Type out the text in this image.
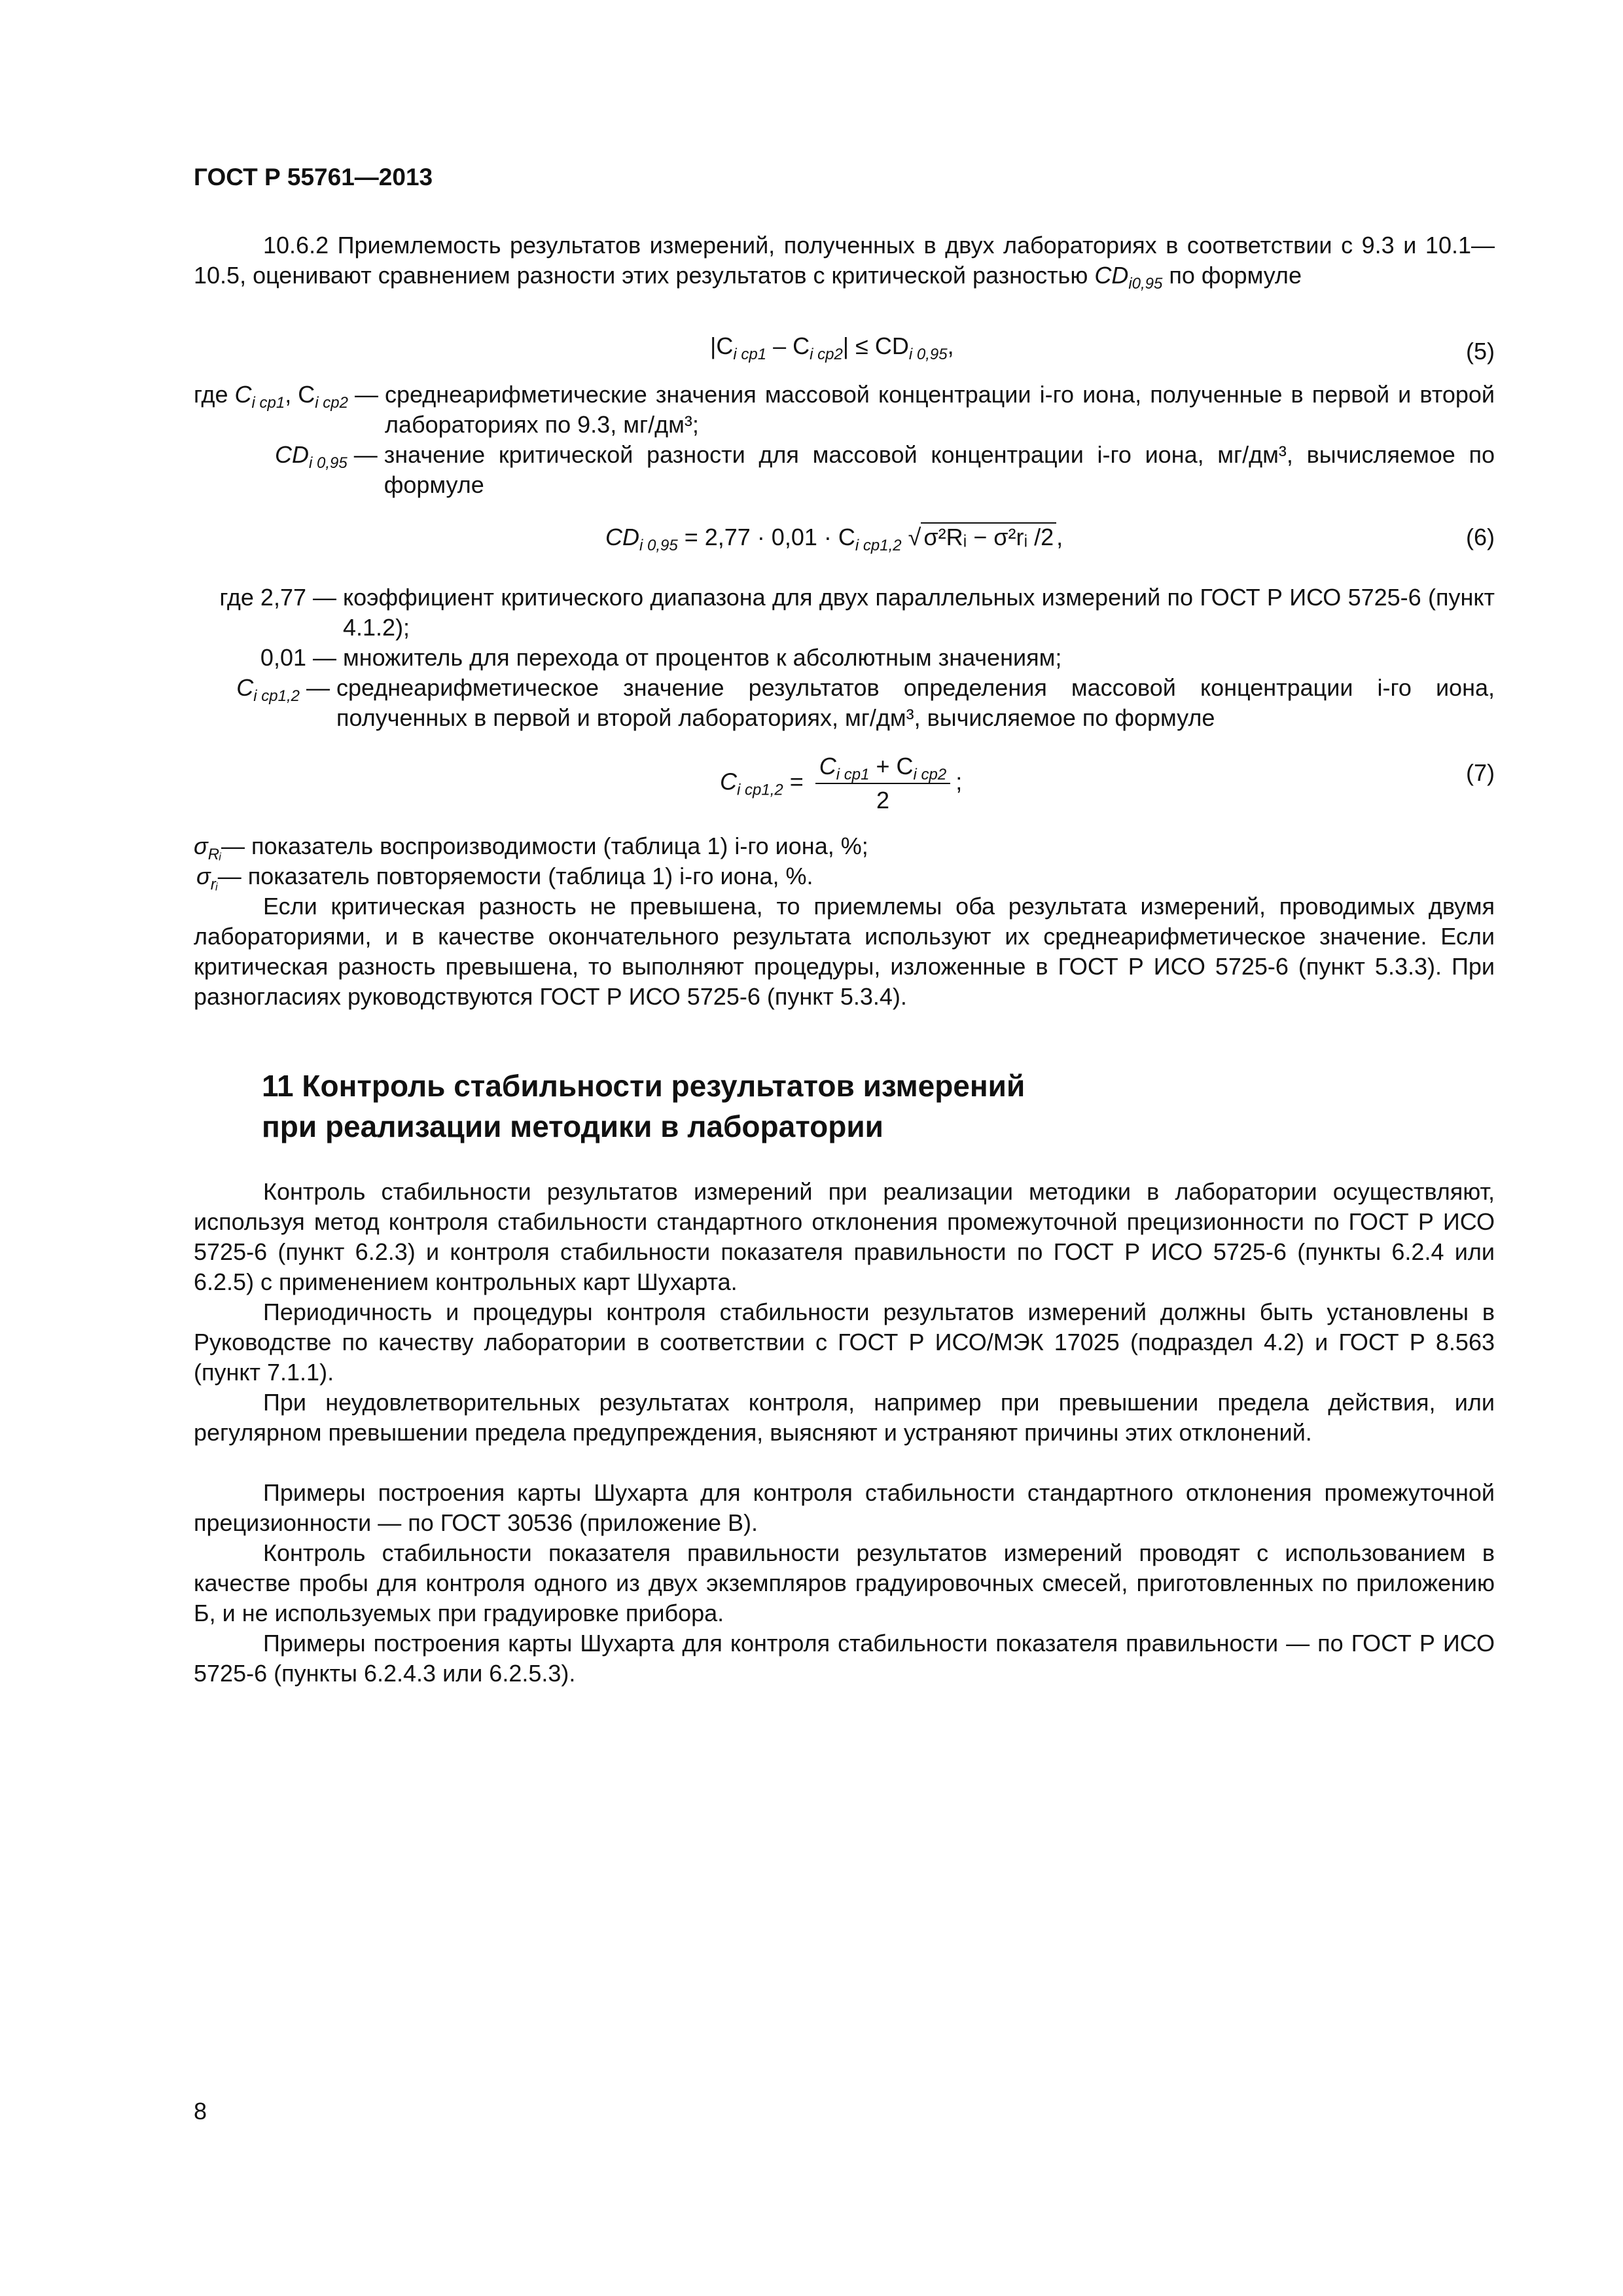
ГОСТ Р 55761—2013
10.6.2 Приемлемость результатов измерений, полученных в двух лабораториях в соответствии с 9.3 и 10.1—10.5, оценивают сравнением разности этих результатов с критической разностью $CD_{i0,95}$ по формуле
$|C_{i ср1} - C_{i ср2}| \le CD_{i 0,95}$,	(5)
где $C_{i ср1}$, $C_{i ср2}$ — среднеарифметические значения массовой концентрации i-го иона, полученные в первой и второй лабораториях по 9.3, мг/дм³;
$CD_{i 0,95}$ — значение критической разности для массовой концентрации i-го иона, мг/дм³, вычисляемое по формуле
$CD_{i 0,95} = 2,77 \cdot 0,01 \cdot C_{i ср1,2}$ √ σ²Rᵢ − σ²rᵢ /2 ,	(6)
где 2,77 — коэффициент критического диапазона для двух параллельных измерений по ГОСТ Р ИСО 5725-6 (пункт 4.1.2);
0,01 — множитель для перехода от процентов к абсолютным значениям;
$C_{i ср1,2}$ — среднеарифметическое значение результатов определения массовой концентрации i-го иона, полученных в первой и второй лабораториях, мг/дм³, вычисляемое по формуле
$C_{i ср1,2} = \frac{C_{i ср1} + C_{i ср2}}{2}$ ;	(7)
$\sigma_{Rᵢ}$ — показатель воспроизводимости (таблица 1) i-го иона, %;
$\sigma_{rᵢ}$ — показатель повторяемости (таблица 1) i-го иона, %.
Если критическая разность не превышена, то приемлемы оба результата измерений, проводимых двумя лабораториями, и в качестве окончательного результата используют их среднеарифметическое значение. Если критическая разность превышена, то выполняют процедуры, изложенные в ГОСТ Р ИСО 5725-6 (пункт 5.3.3). При разногласиях руководствуются ГОСТ Р ИСО 5725-6 (пункт 5.3.4).
11 Контроль стабильности результатов измерений
при реализации методики в лаборатории
Контроль стабильности результатов измерений при реализации методики в лаборатории осуществляют, используя метод контроля стабильности стандартного отклонения промежуточной прецизионности по ГОСТ Р ИСО 5725-6 (пункт 6.2.3) и контроля стабильности показателя правильности по ГОСТ Р ИСО 5725-6 (пункты 6.2.4 или 6.2.5) с применением контрольных карт Шухарта.
Периодичность и процедуры контроля стабильности результатов измерений должны быть установлены в Руководстве по качеству лаборатории в соответствии с ГОСТ Р ИСО/МЭК 17025 (подраздел 4.2) и ГОСТ Р 8.563 (пункт 7.1.1).
При неудовлетворительных результатах контроля, например при превышении предела действия, или регулярном превышении предела предупреждения, выясняют и устраняют причины этих отклонений.
Примеры построения карты Шухарта для контроля стабильности стандартного отклонения промежуточной прецизионности — по ГОСТ 30536 (приложение В).
Контроль стабильности показателя правильности результатов измерений проводят с использованием в качестве пробы для контроля одного из двух экземпляров градуировочных смесей, приготовленных по приложению Б, и не используемых при градуировке прибора.
Примеры построения карты Шухарта для контроля стабильности показателя правильности — по ГОСТ Р ИСО 5725-6 (пункты 6.2.4.3 или 6.2.5.3).
8
